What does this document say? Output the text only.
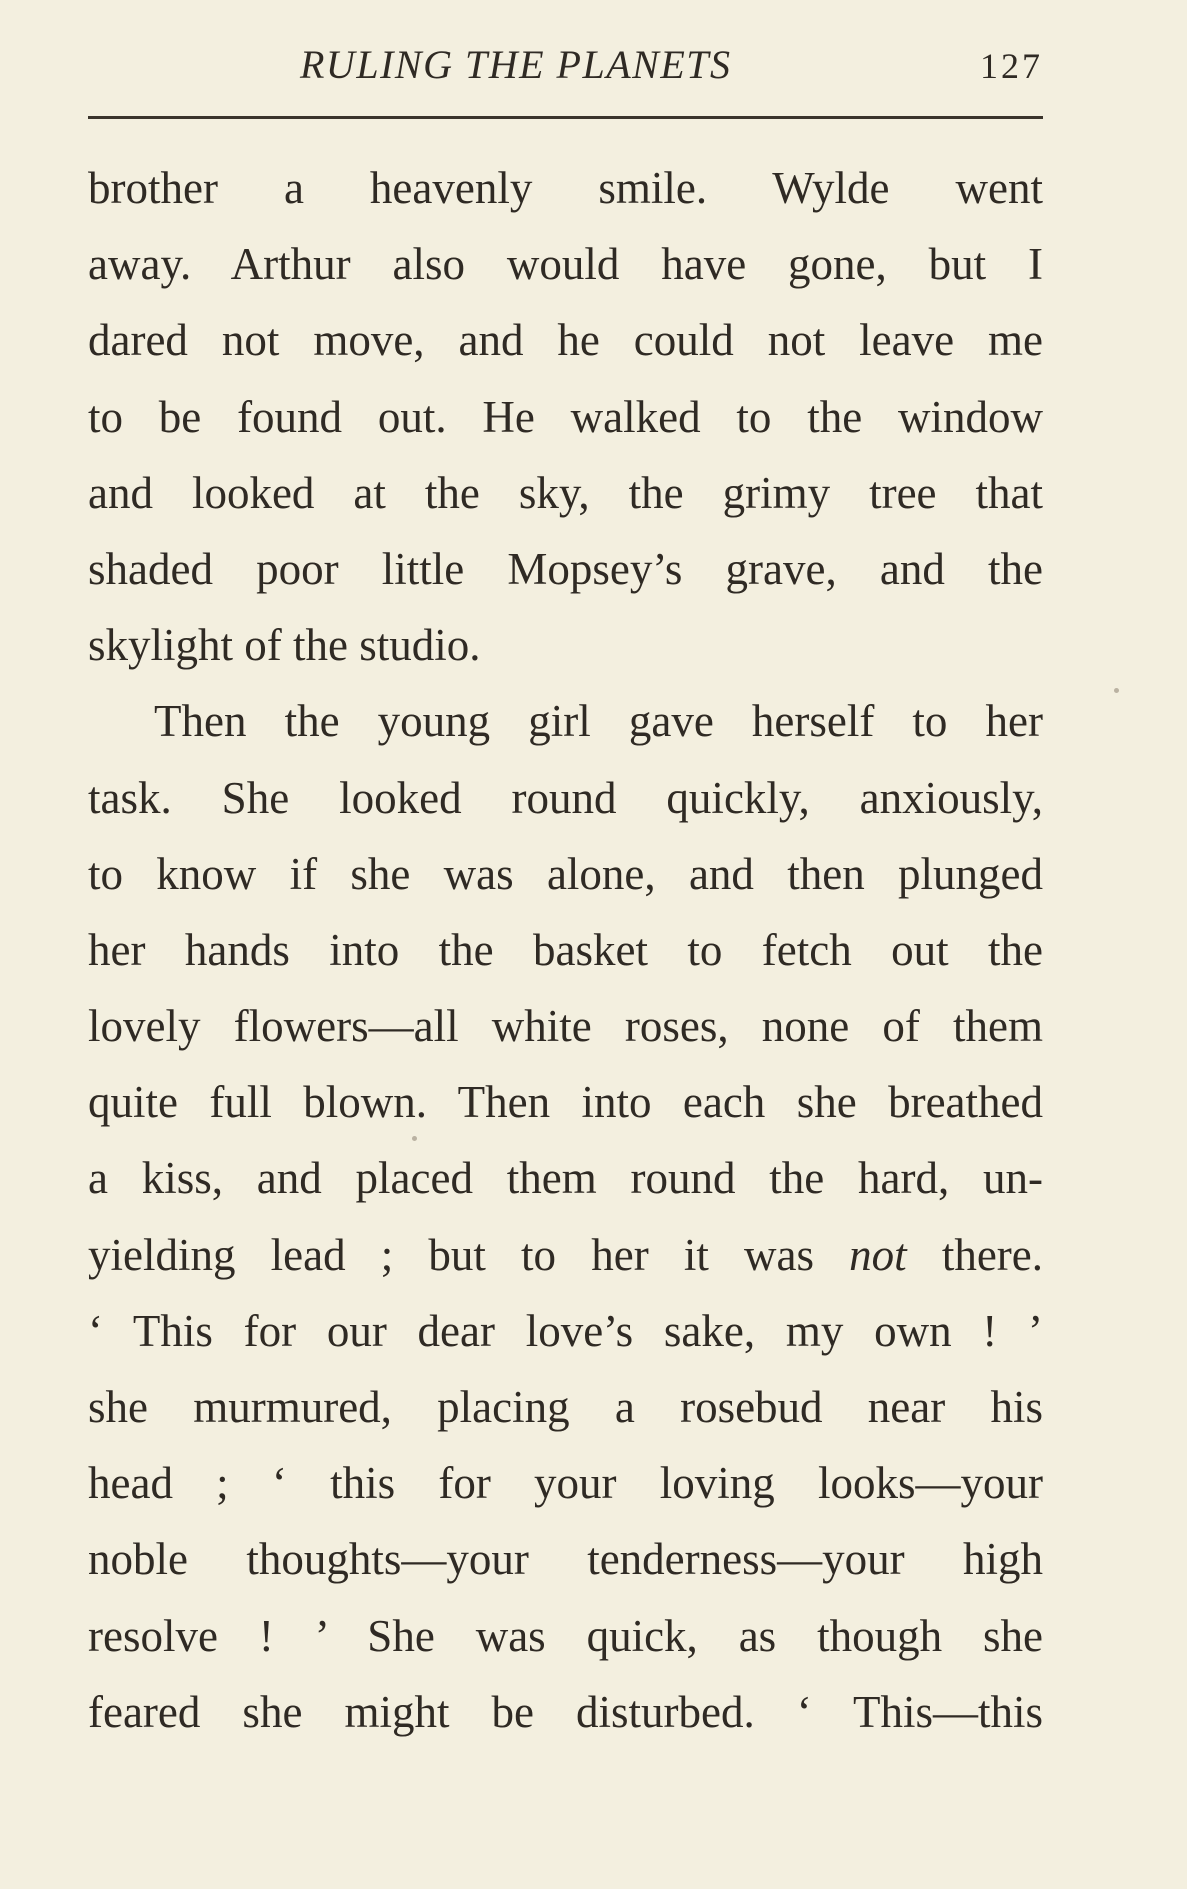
RULING THE PLANETS	127
brother a heavenly smile. Wylde went
away. Arthur also would have gone, but I
dared not move, and he could not leave me
to be found out. He walked to the window
and looked at the sky, the grimy tree that
shaded poor little Mopsey’s grave, and the
skylight of the studio.
Then the young girl gave herself to her
task. She looked round quickly, anxiously,
to know if she was alone, and then plunged
her hands into the basket to fetch out the
lovely flowers—all white roses, none of them
quite full blown. Then into each she breathed
a kiss, and placed them round the hard, un-
yielding lead ; but to her it was not there.
‘ This for our dear love’s sake, my own ! ’
she murmured, placing a rosebud near his
head ; ‘ this for your loving looks—your
noble thoughts—your tenderness—your high
resolve ! ’ She was quick, as though she
feared she might be disturbed. ‘ This—this
